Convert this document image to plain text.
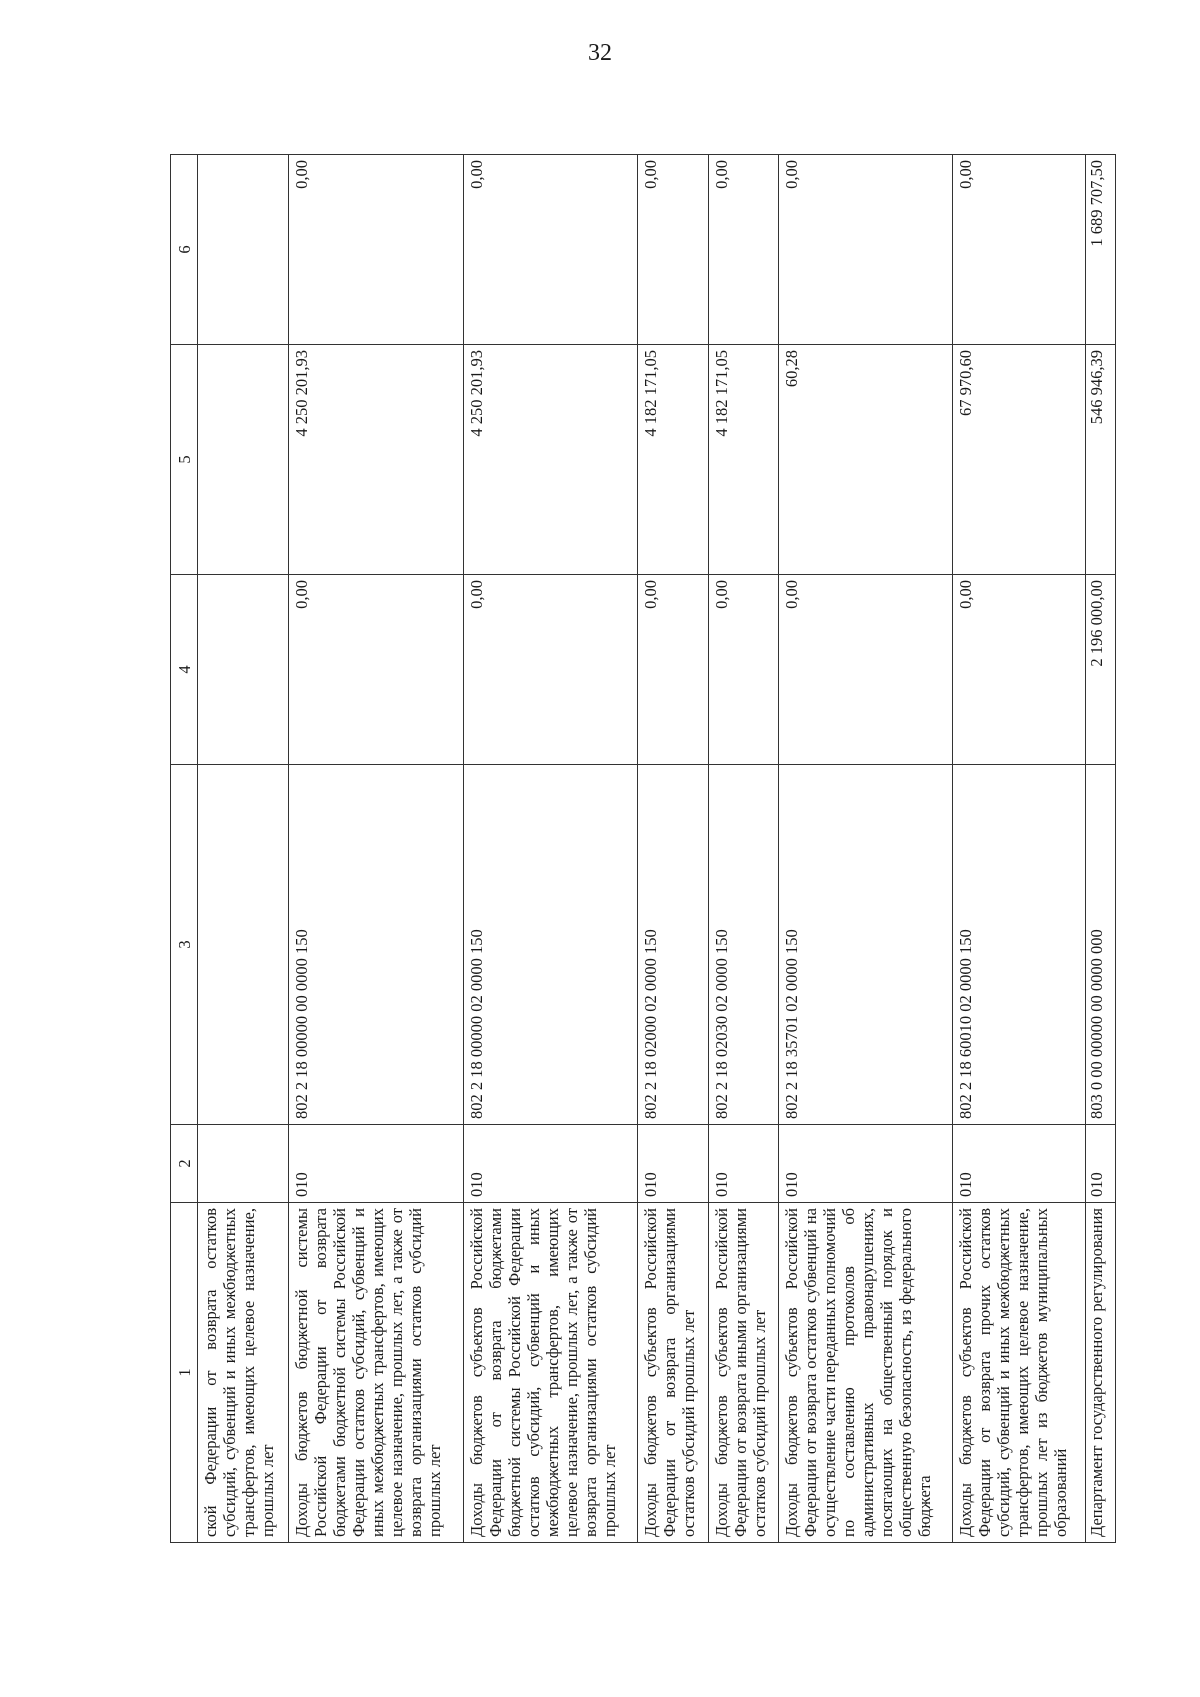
32
1	2	3	4	5	6
ской Федерации от возврата остатков субсидий, субвенций и иных межбюджетных трансфертов, имеющих целевое назначение, прошлых лет					
Доходы бюджетов бюджетной системы Российской Федерации от возврата бюджетами бюджетной системы Российской Федерации остатков субсидий, субвенций и иных межбюджетных трансфертов, имеющих целевое назначение, прошлых лет, а также от возврата организациями остатков субсидий прошлых лет	010	802 2 18 00000 00 0000 150	0,00	4 250 201,93	0,00
Доходы бюджетов субъектов Российской Федерации от возврата бюджетами бюджетной системы Российской Федерации остатков субсидий, субвенций и иных межбюджетных трансфертов, имеющих целевое назначение, прошлых лет, а также от возврата организациями остатков субсидий прошлых лет	010	802 2 18 00000 02 0000 150	0,00	4 250 201,93	0,00
Доходы бюджетов субъектов Российской Федерации от возврата организациями остатков субсидий прошлых лет	010	802 2 18 02000 02 0000 150	0,00	4 182 171,05	0,00
Доходы бюджетов субъектов Российской Федерации от возврата иными организациями остатков субсидий прошлых лет	010	802 2 18 02030 02 0000 150	0,00	4 182 171,05	0,00
Доходы бюджетов субъектов Российской Федерации от возврата остатков субвенций на осуществление части переданных полномочий по составлению протоколов об административных правонарушениях, посягающих на общественный порядок и общественную безопасность, из федерального бюджета	010	802 2 18 35701 02 0000 150	0,00	60,28	0,00
Доходы бюджетов субъектов Российской Федерации от возврата прочих остатков субсидий, субвенций и иных межбюджетных трансфертов, имеющих целевое назначение, прошлых лет из бюджетов муниципальных образований	010	802 2 18 60010 02 0000 150	0,00	67 970,60	0,00
Департамент государственного регулирования	010	803 0 00 00000 00 0000 000	2 196 000,00	546 946,39	1 689 707,50
